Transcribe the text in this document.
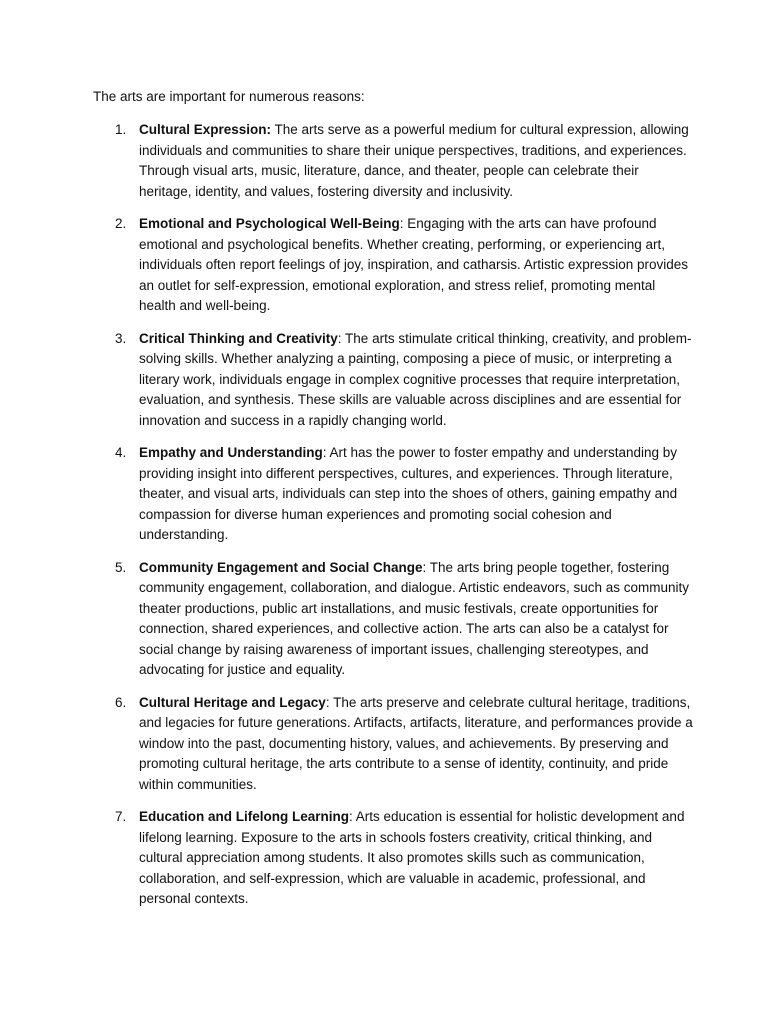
The arts are important for numerous reasons:

1. Cultural Expression: The arts serve as a powerful medium for cultural expression, allowing individuals and communities to share their unique perspectives, traditions, and experiences. Through visual arts, music, literature, dance, and theater, people can celebrate their heritage, identity, and values, fostering diversity and inclusivity.
2. Emotional and Psychological Well-Being: Engaging with the arts can have profound emotional and psychological benefits. Whether creating, performing, or experiencing art, individuals often report feelings of joy, inspiration, and catharsis. Artistic expression provides an outlet for self-expression, emotional exploration, and stress relief, promoting mental health and well-being.
3. Critical Thinking and Creativity: The arts stimulate critical thinking, creativity, and problem-solving skills. Whether analyzing a painting, composing a piece of music, or interpreting a literary work, individuals engage in complex cognitive processes that require interpretation, evaluation, and synthesis. These skills are valuable across disciplines and are essential for innovation and success in a rapidly changing world.
4. Empathy and Understanding: Art has the power to foster empathy and understanding by providing insight into different perspectives, cultures, and experiences. Through literature, theater, and visual arts, individuals can step into the shoes of others, gaining empathy and compassion for diverse human experiences and promoting social cohesion and understanding.
5. Community Engagement and Social Change: The arts bring people together, fostering community engagement, collaboration, and dialogue. Artistic endeavors, such as community theater productions, public art installations, and music festivals, create opportunities for connection, shared experiences, and collective action. The arts can also be a catalyst for social change by raising awareness of important issues, challenging stereotypes, and advocating for justice and equality.
6. Cultural Heritage and Legacy: The arts preserve and celebrate cultural heritage, traditions, and legacies for future generations. Artifacts, artifacts, literature, and performances provide a window into the past, documenting history, values, and achievements. By preserving and promoting cultural heritage, the arts contribute to a sense of identity, continuity, and pride within communities.
7. Education and Lifelong Learning: Arts education is essential for holistic development and lifelong learning. Exposure to the arts in schools fosters creativity, critical thinking, and cultural appreciation among students. It also promotes skills such as communication, collaboration, and self-expression, which are valuable in academic, professional, and personal contexts.
